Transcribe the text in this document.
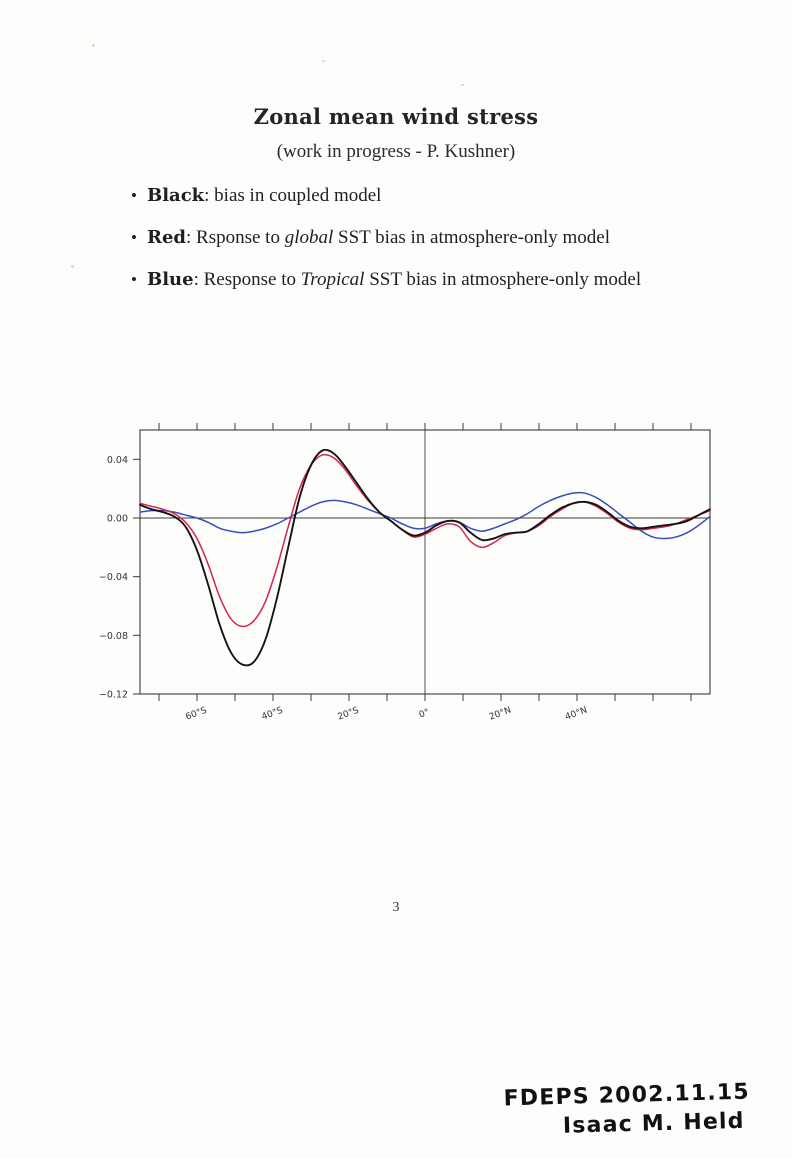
Zonal mean wind stress
(work in progress - P. Kushner)
• Black: bias in coupled model
• Red: Rsponse to global SST bias in atmosphere-only model
• Blue: Response to Tropical SST bias in atmosphere-only model
0.04
0.00
−0.04
−0.08
−0.12
60°S	40°S	20°S	0°	20°N	40°N
3
FDEPS 2002.11.15
Isaac M. Held
